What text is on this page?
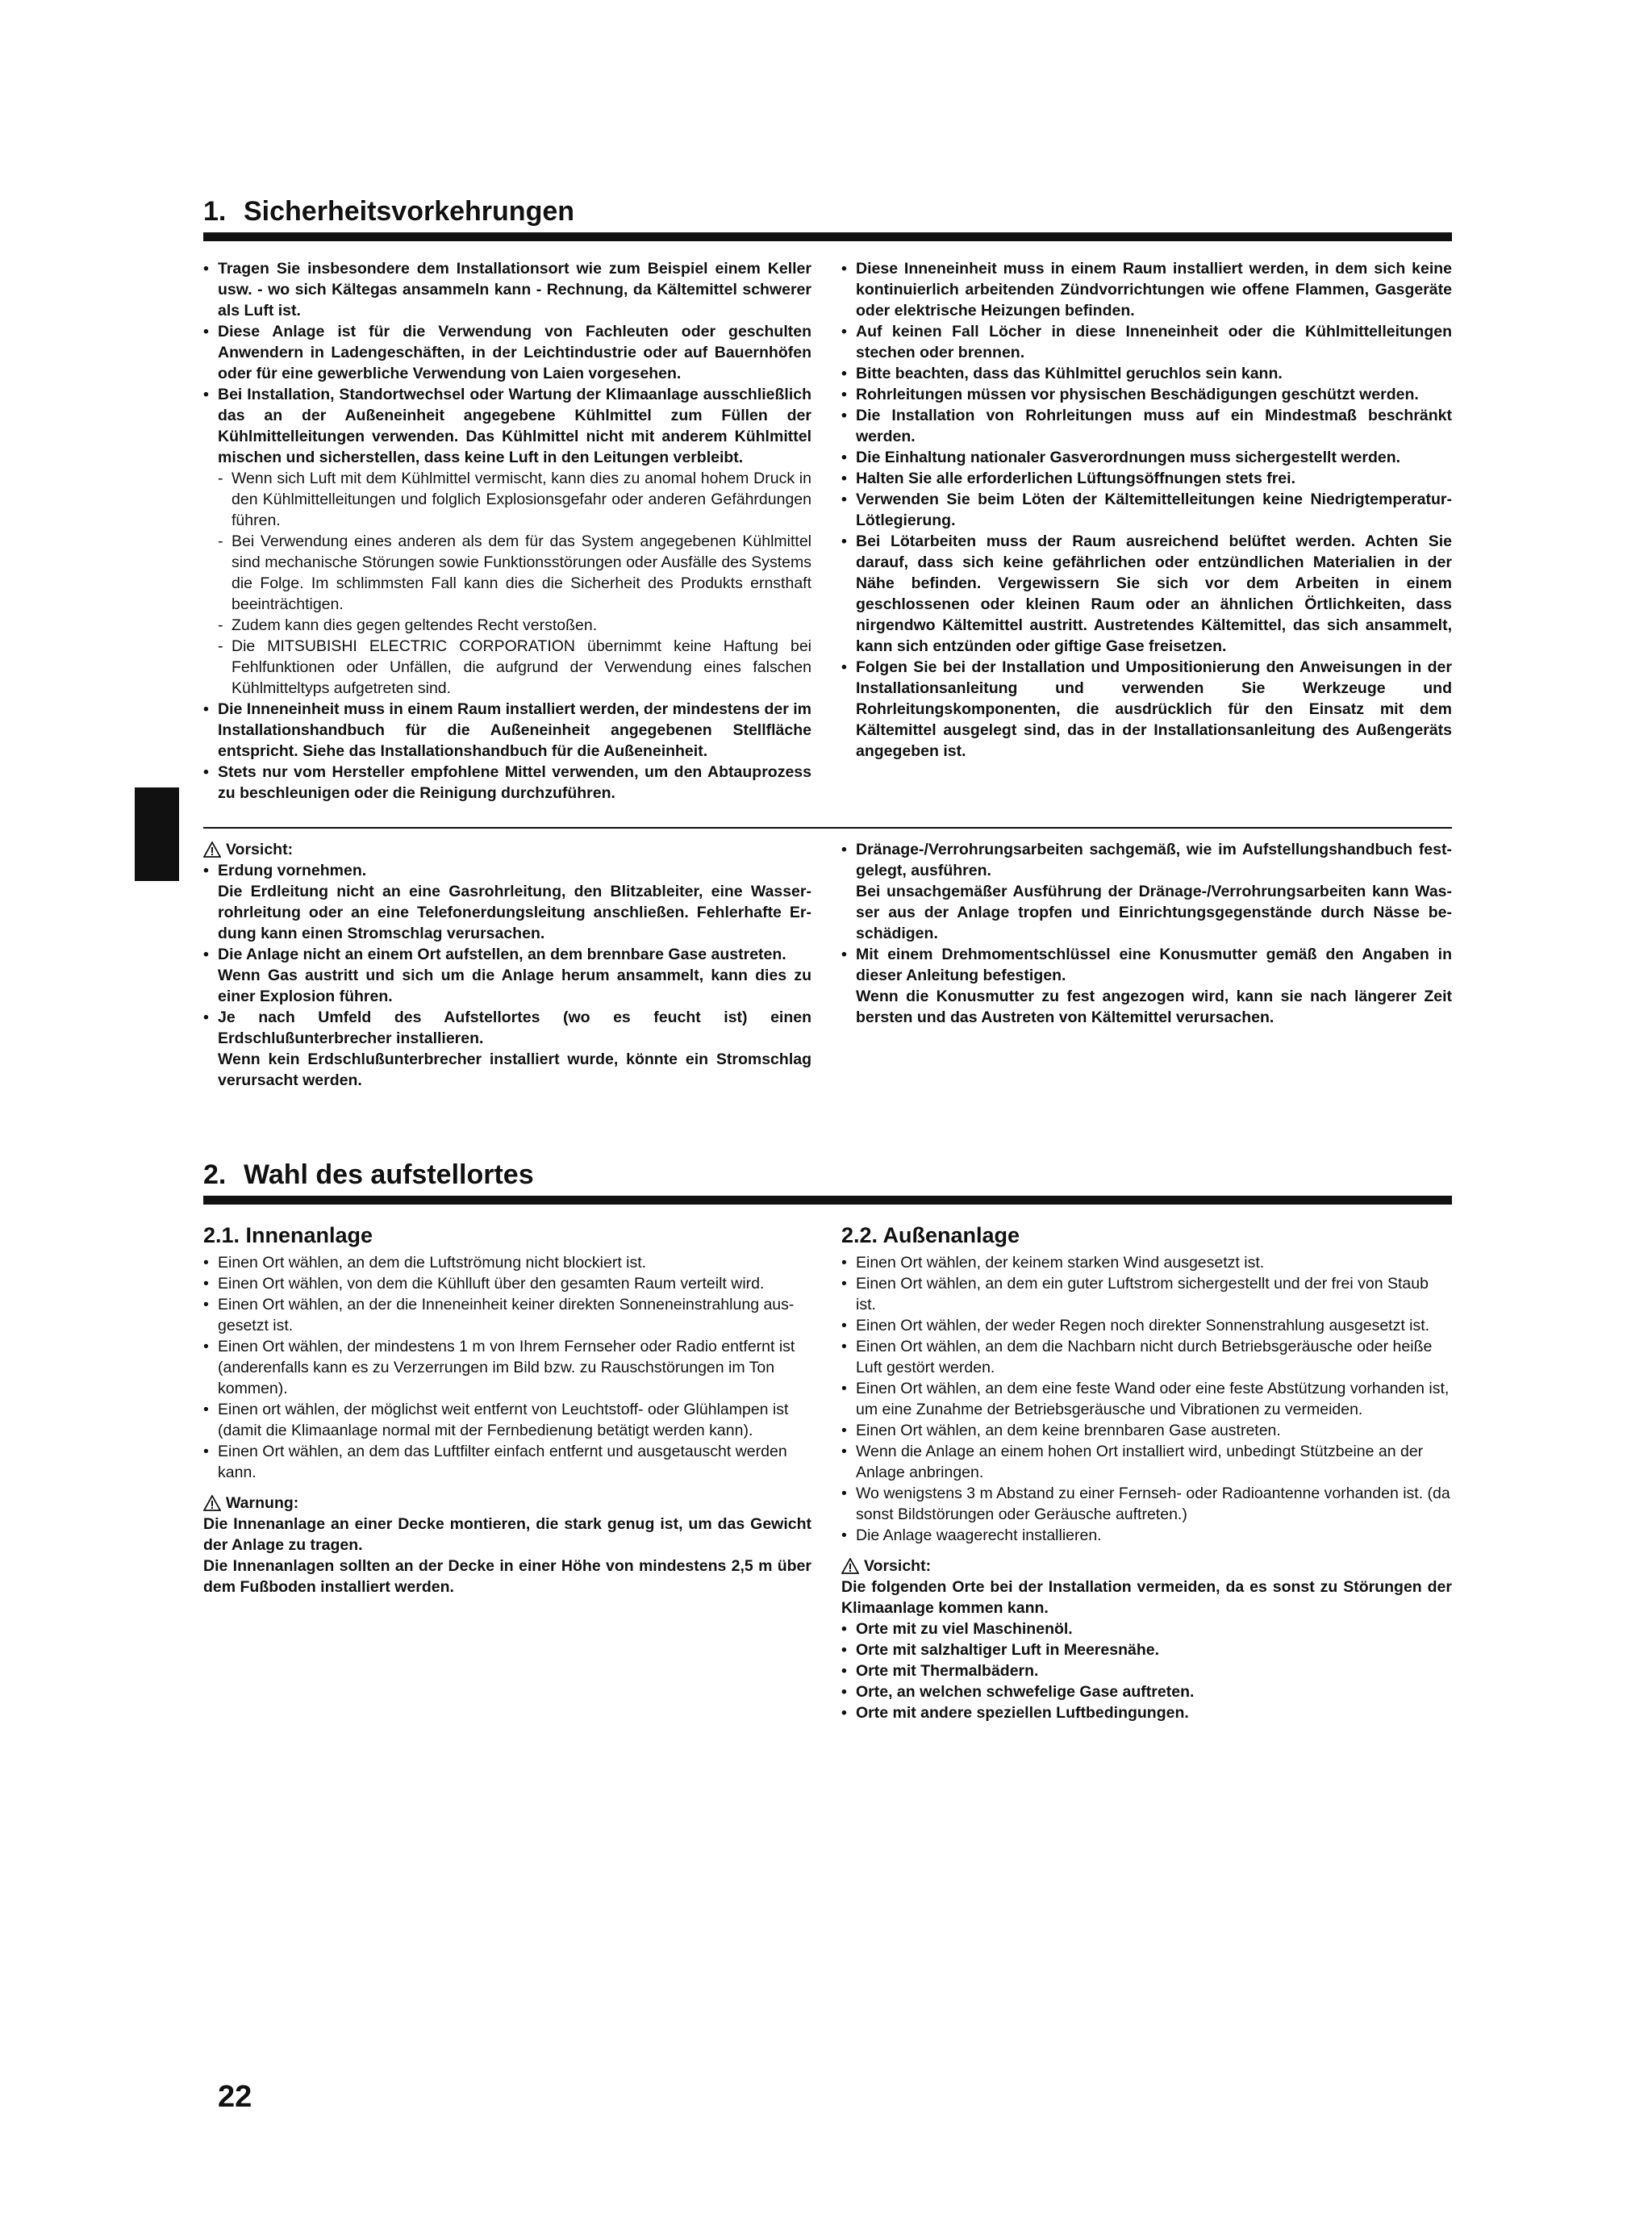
1. Sicherheitsvorkehrungen
• Tragen Sie insbesondere dem Installationsort wie zum Beispiel einem Keller usw. - wo sich Kältegas ansammeln kann - Rechnung, da Kältemittel schwerer als Luft ist.
• Diese Anlage ist für die Verwendung von Fachleuten oder geschulten Anwendern in Ladengeschäften, in der Leichtindustrie oder auf Bauernhöfen oder für eine gewerbliche Verwendung von Laien vorgesehen.
• Bei Installation, Standortwechsel oder Wartung der Klimaanlage ausschließlich das an der Außeneinheit angegebene Kühlmittel zum Füllen der Kühlmittelleitungen verwenden. Das Kühlmittel nicht mit anderem Kühlmittel mischen und sicherstellen, dass keine Luft in den Leitungen verbleibt.

- Wenn sich Luft mit dem Kühlmittel vermischt, kann dies zu anomal hohem Druck in den Kühlmittelleitungen und folglich Explosionsgefahr oder anderen Gefährdungen führen.

- Bei Verwendung eines anderen als dem für das System angegebenen Kühlmittel sind mechanische Störungen sowie Funktionsstörungen oder Ausfälle des Systems die Folge. Im schlimmsten Fall kann dies die Sicherheit des Produkts ernsthaft beeinträchtigen.

- Zudem kann dies gegen geltendes Recht verstoßen.

- Die MITSUBISHI ELECTRIC CORPORATION übernimmt keine Haftung bei Fehlfunktionen oder Unfällen, die aufgrund der Verwendung eines falschen Kühlmitteltyps aufgetreten sind.

• Die Inneneinheit muss in einem Raum installiert werden, der mindestens der im Installationshandbuch für die Außeneinheit angegebenen Stellfläche entspricht. Siehe das Installationshandbuch für die Außeneinheit.
• Stets nur vom Hersteller empfohlene Mittel verwenden, um den Abtauprozess zu beschleunigen oder die Reinigung durchzuführen.
• Diese Inneneinheit muss in einem Raum installiert werden, in dem sich keine kontinuierlich arbeitenden Zündvorrichtungen wie offene Flammen, Gasgeräte oder elektrische Heizungen befinden.
• Auf keinen Fall Löcher in diese Inneneinheit oder die Kühlmittelleitungen stechen oder brennen.
• Bitte beachten, dass das Kühlmittel geruchlos sein kann.
• Rohrleitungen müssen vor physischen Beschädigungen geschützt werden.
• Die Installation von Rohrleitungen muss auf ein Mindestmaß beschränkt werden.
• Die Einhaltung nationaler Gasverordnungen muss sichergestellt werden.
• Halten Sie alle erforderlichen Lüftungsöffnungen stets frei.
• Verwenden Sie beim Löten der Kältemittelleitungen keine Niedrigtemperatur-Lötlegierung.
• Bei Lötarbeiten muss der Raum ausreichend belüftet werden. Achten Sie darauf, dass sich keine gefährlichen oder entzündlichen Materialien in der Nähe befinden. Vergewissern Sie sich vor dem Arbeiten in einem geschlossenen oder kleinen Raum oder an ähnlichen Örtlichkeiten, dass nirgendwo Kältemittel austritt. Austretendes Kältemittel, das sich ansammelt, kann sich entzünden oder giftige Gase freisetzen.
• Folgen Sie bei der Installation und Umpositionierung den Anweisungen in der Installationsanleitung und verwenden Sie Werkzeuge und Rohrleitungskomponenten, die ausdrücklich für den Einsatz mit dem Kältemittel ausgelegt sind, das in der Installationsanleitung des Außengeräts angegeben ist.
Vorsicht:
• Erdung vornehmen.
Die Erdleitung nicht an eine Gasrohrleitung, den Blitzableiter, eine Wasser-rohrleitung oder an eine Telefonerdungsleitung anschließen. Fehlerhafte Er-dung kann einen Stromschlag verursachen.
• Die Anlage nicht an einem Ort aufstellen, an dem brennbare Gase austreten.
Wenn Gas austritt und sich um die Anlage herum ansammelt, kann dies zu einer Explosion führen.
• Je nach Umfeld des Aufstellortes (wo es feucht ist) einen Erdschlußunterbrecher installieren.
Wenn kein Erdschlußunterbrecher installiert wurde, könnte ein Stromschlag verursacht werden.
• Dränage-/Verrohrungsarbeiten sachgemäß, wie im Aufstellungshandbuch fest-gelegt, ausführen.
Bei unsachgemäßer Ausführung der Dränage-/Verrohrungsarbeiten kann Was-ser aus der Anlage tropfen und Einrichtungsgegenstände durch Nässe be-schädigen.
• Mit einem Drehmomentschlüssel eine Konusmutter gemäß den Angaben in dieser Anleitung befestigen.
Wenn die Konusmutter zu fest angezogen wird, kann sie nach längerer Zeit bersten und das Austreten von Kältemittel verursachen.
2. Wahl des aufstellortes
2.1. Innenanlage
• Einen Ort wählen, an dem die Luftströmung nicht blockiert ist.
• Einen Ort wählen, von dem die Kühlluft über den gesamten Raum verteilt wird.
• Einen Ort wählen, an der die Inneneinheit keiner direkten Sonneneinstrahlung aus-gesetzt ist.
• Einen Ort wählen, der mindestens 1 m von Ihrem Fernseher oder Radio entfernt ist (anderenfalls kann es zu Verzerrungen im Bild bzw. zu Rauschstörungen im Ton kommen).
• Einen ort wählen, der möglichst weit entfernt von Leuchtstoff- oder Glühlampen ist (damit die Klimaanlage normal mit der Fernbedienung betätigt werden kann).
• Einen Ort wählen, an dem das Luftfilter einfach entfernt und ausgetauscht werden kann.
Warnung:

Die Innenanlage an einer Decke montieren, die stark genug ist, um das Gewicht der Anlage zu tragen.

Die Innenanlagen sollten an der Decke in einer Höhe von mindestens 2,5 m über dem Fußboden installiert werden.

2.2. Außenanlage
• Einen Ort wählen, der keinem starken Wind ausgesetzt ist.
• Einen Ort wählen, an dem ein guter Luftstrom sichergestellt und der frei von Staub ist.
• Einen Ort wählen, der weder Regen noch direkter Sonnenstrahlung ausgesetzt ist.
• Einen Ort wählen, an dem die Nachbarn nicht durch Betriebsgeräusche oder heiße Luft gestört werden.
• Einen Ort wählen, an dem eine feste Wand oder eine feste Abstützung vorhanden ist, um eine Zunahme der Betriebsgeräusche und Vibrationen zu vermeiden.
• Einen Ort wählen, an dem keine brennbaren Gase austreten.
• Wenn die Anlage an einem hohen Ort installiert wird, unbedingt Stützbeine an der Anlage anbringen.
• Wo wenigstens 3 m Abstand zu einer Fernseh- oder Radioantenne vorhanden ist. (da sonst Bildstörungen oder Geräusche auftreten.)
• Die Anlage waagerecht installieren.
Vorsicht:

Die folgenden Orte bei der Installation vermeiden, da es sonst zu Störungen der Klimaanlage kommen kann.

• Orte mit zu viel Maschinenöl.
• Orte mit salzhaltiger Luft in Meeresnähe.
• Orte mit Thermalbädern.
• Orte, an welchen schwefelige Gase auftreten.
• Orte mit andere speziellen Luftbedingungen.
22
